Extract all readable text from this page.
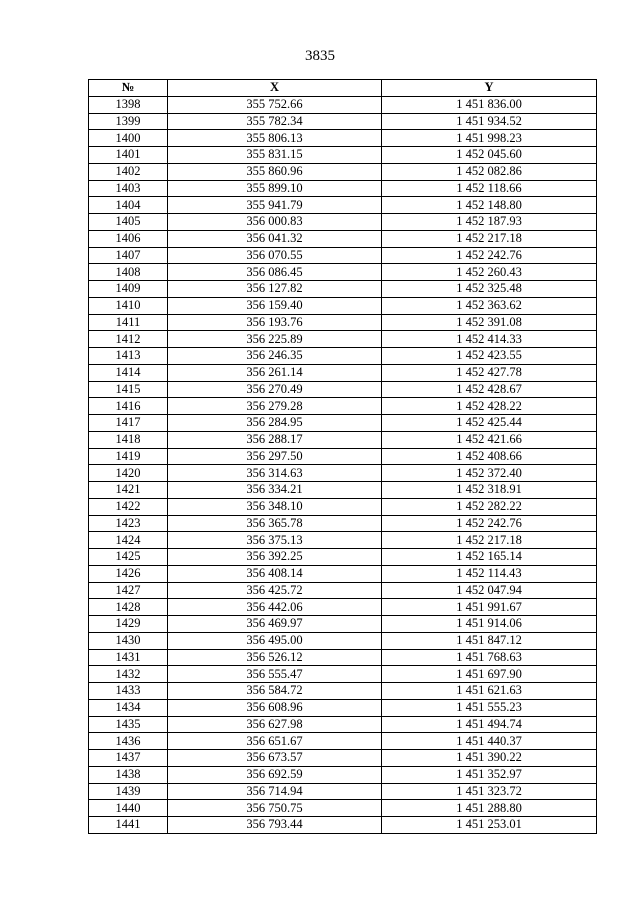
3835
№	X	Y
1398	355 752.66	1 451 836.00
1399	355 782.34	1 451 934.52
1400	355 806.13	1 451 998.23
1401	355 831.15	1 452 045.60
1402	355 860.96	1 452 082.86
1403	355 899.10	1 452 118.66
1404	355 941.79	1 452 148.80
1405	356 000.83	1 452 187.93
1406	356 041.32	1 452 217.18
1407	356 070.55	1 452 242.76
1408	356 086.45	1 452 260.43
1409	356 127.82	1 452 325.48
1410	356 159.40	1 452 363.62
1411	356 193.76	1 452 391.08
1412	356 225.89	1 452 414.33
1413	356 246.35	1 452 423.55
1414	356 261.14	1 452 427.78
1415	356 270.49	1 452 428.67
1416	356 279.28	1 452 428.22
1417	356 284.95	1 452 425.44
1418	356 288.17	1 452 421.66
1419	356 297.50	1 452 408.66
1420	356 314.63	1 452 372.40
1421	356 334.21	1 452 318.91
1422	356 348.10	1 452 282.22
1423	356 365.78	1 452 242.76
1424	356 375.13	1 452 217.18
1425	356 392.25	1 452 165.14
1426	356 408.14	1 452 114.43
1427	356 425.72	1 452 047.94
1428	356 442.06	1 451 991.67
1429	356 469.97	1 451 914.06
1430	356 495.00	1 451 847.12
1431	356 526.12	1 451 768.63
1432	356 555.47	1 451 697.90
1433	356 584.72	1 451 621.63
1434	356 608.96	1 451 555.23
1435	356 627.98	1 451 494.74
1436	356 651.67	1 451 440.37
1437	356 673.57	1 451 390.22
1438	356 692.59	1 451 352.97
1439	356 714.94	1 451 323.72
1440	356 750.75	1 451 288.80
1441	356 793.44	1 451 253.01
